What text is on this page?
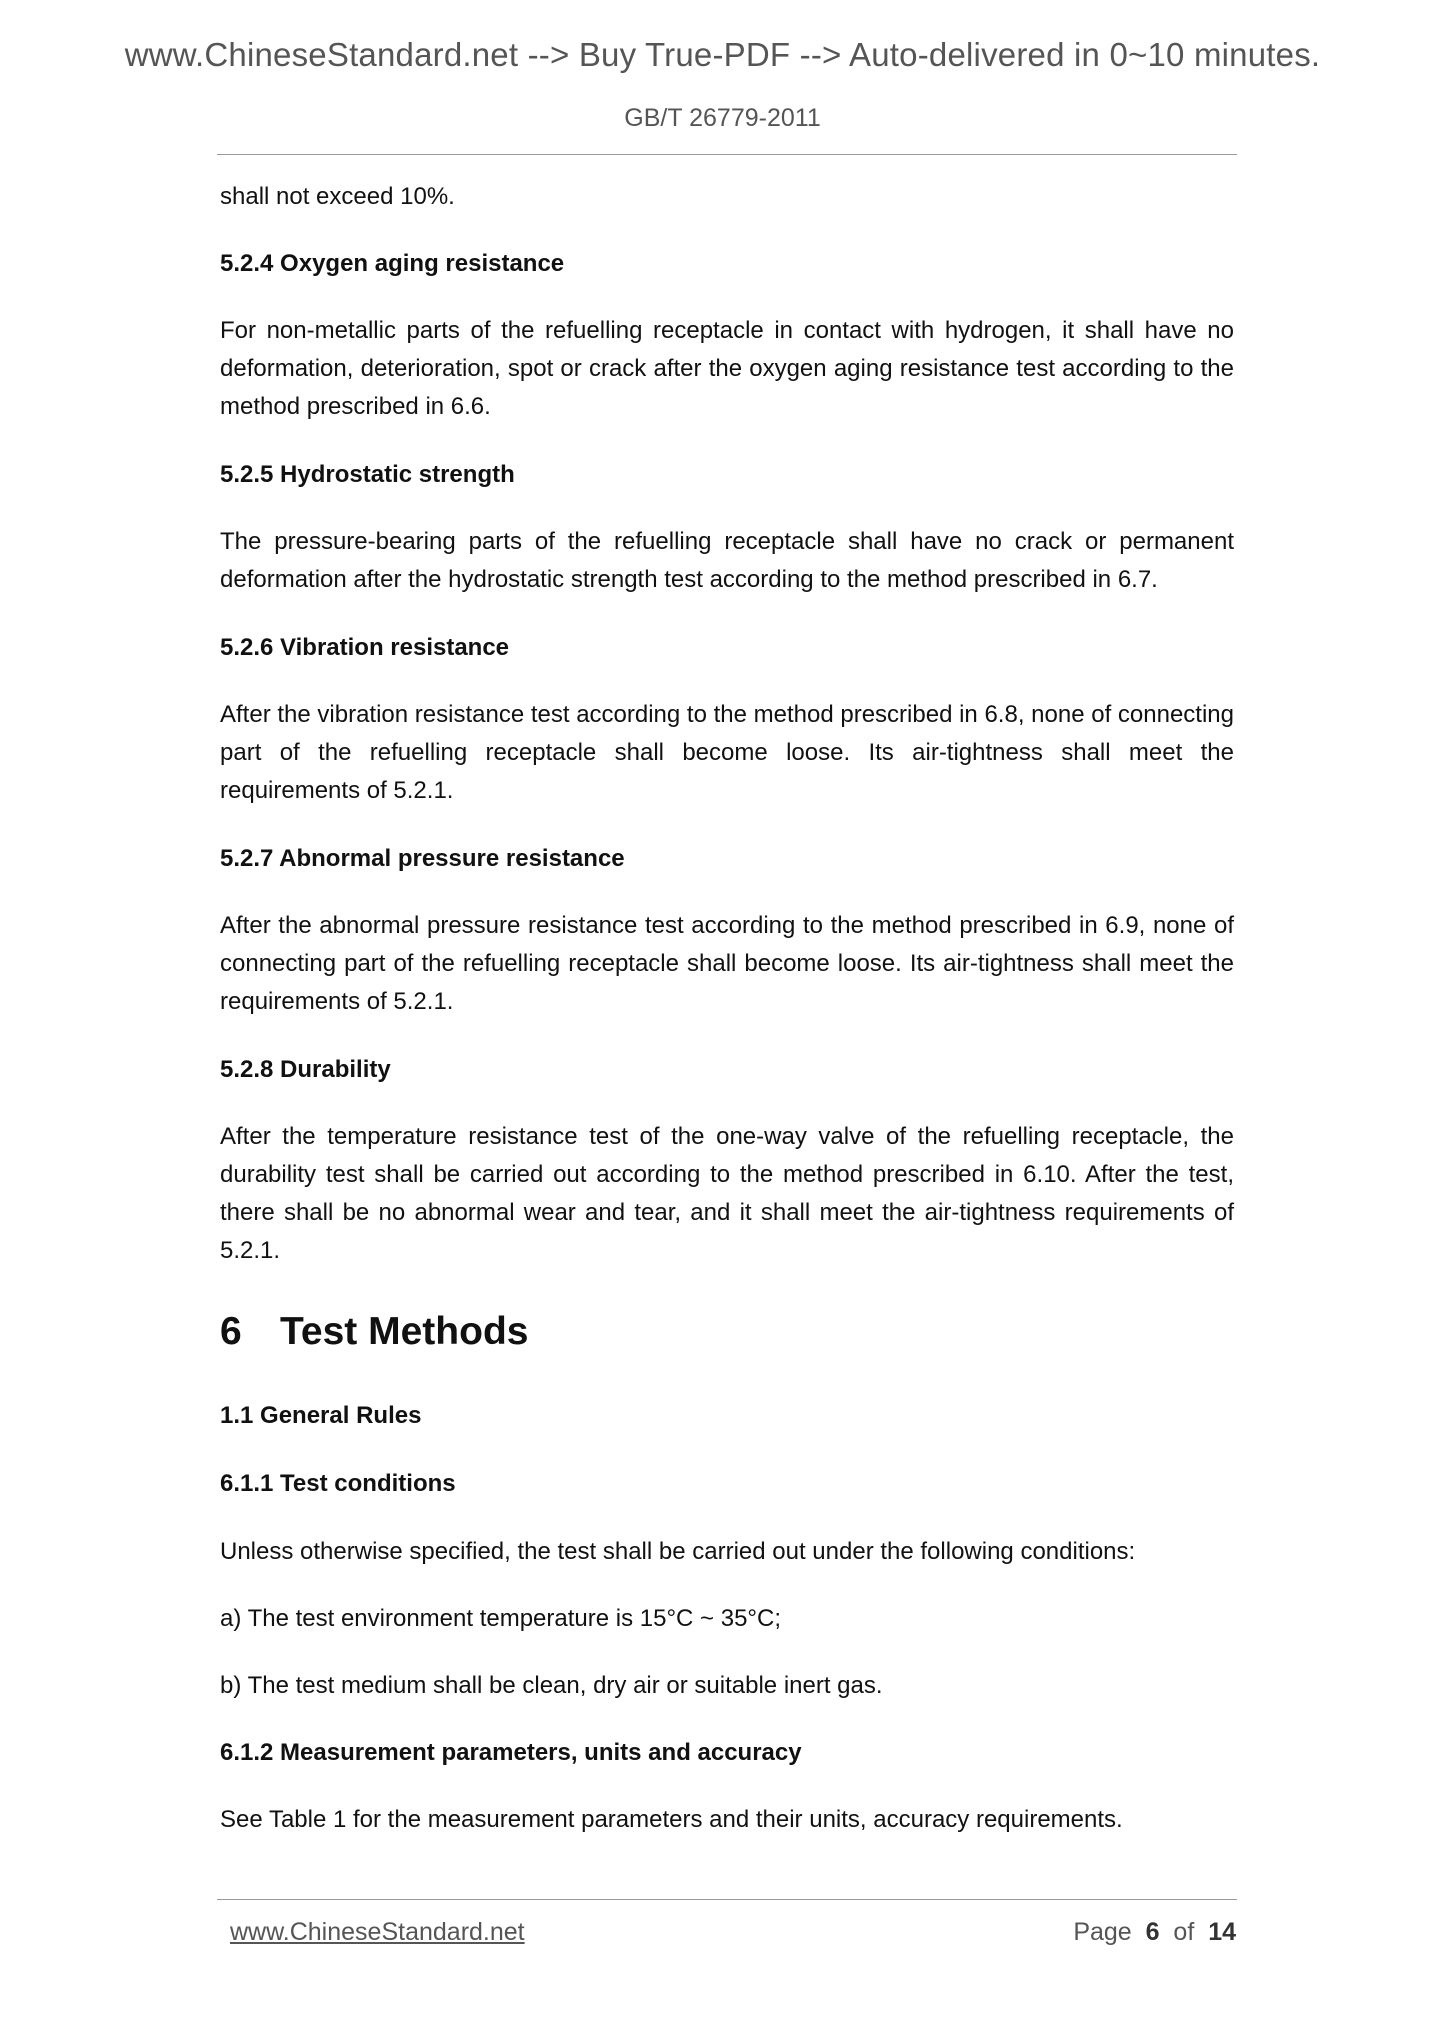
www.ChineseStandard.net --> Buy True-PDF --> Auto-delivered in 0~10 minutes.
GB/T 26779-2011

shall not exceed 10%.

5.2.4 Oxygen aging resistance

For non-metallic parts of the refuelling receptacle in contact with hydrogen, it shall have no deformation, deterioration, spot or crack after the oxygen aging resistance test according to the method prescribed in 6.6.

5.2.5 Hydrostatic strength

The pressure-bearing parts of the refuelling receptacle shall have no crack or permanent deformation after the hydrostatic strength test according to the method prescribed in 6.7.

5.2.6 Vibration resistance

After the vibration resistance test according to the method prescribed in 6.8, none of connecting part of the refuelling receptacle shall become loose. Its air-tightness shall meet the requirements of 5.2.1.

5.2.7 Abnormal pressure resistance

After the abnormal pressure resistance test according to the method prescribed in 6.9, none of connecting part of the refuelling receptacle shall become loose. Its air-tightness shall meet the requirements of 5.2.1.

5.2.8 Durability

After the temperature resistance test of the one-way valve of the refuelling receptacle, the durability test shall be carried out according to the method prescribed in 6.10. After the test, there shall be no abnormal wear and tear, and it shall meet the air-tightness requirements of 5.2.1.

6 Test Methods

1.1 General Rules

6.1.1 Test conditions

Unless otherwise specified, the test shall be carried out under the following conditions:

a) The test environment temperature is 15°C ~ 35°C;

b) The test medium shall be clean, dry air or suitable inert gas.

6.1.2 Measurement parameters, units and accuracy

See Table 1 for the measurement parameters and their units, accuracy requirements.

www.ChineseStandard.net	Page 6 of 14
